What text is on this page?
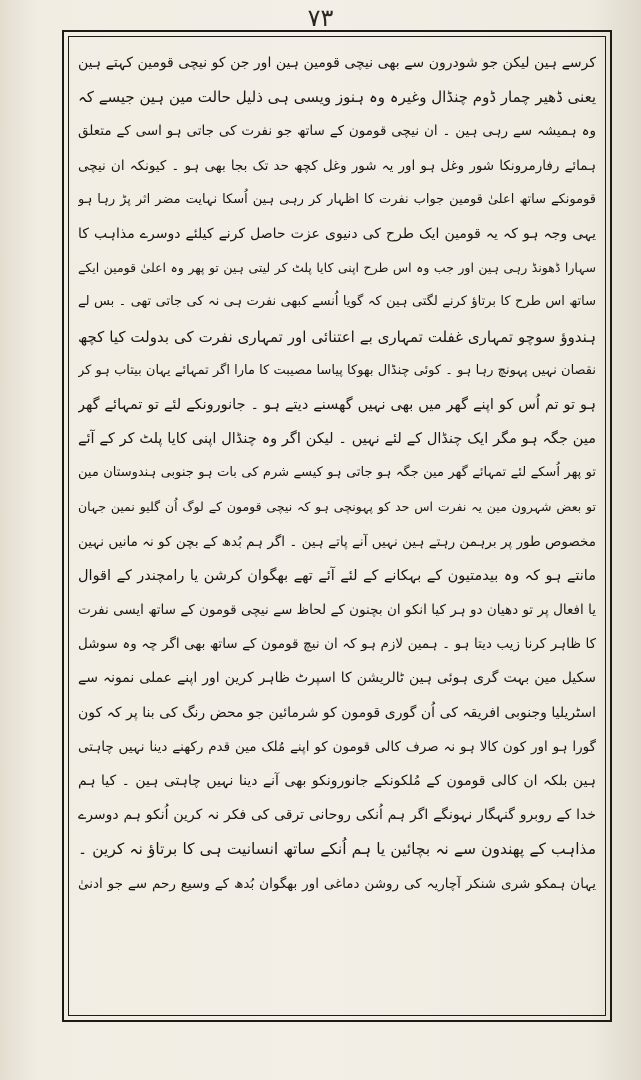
۷۳
کرسے ہین لیکن جو شودرون سے بھی نیچی قومین ہین اور جن کو نیچی قومین کہتے ہین
یعنی ڈھیر چمار ڈوم چنڈال وغیرہ وہ ہنوز ویسی ہی ذلیل حالت مین ہین جیسے کہ
وہ ہمیشہ سے رہی ہین ۔ ان نیچی قومون کے ساتھ جو نفرت کی جاتی ہو اسی کے متعلق
ہمائے رفارمرونکا شور وغل ہو اور یہ شور وغل کچھ حد تک بجا بھی ہو ۔ کیونکہ ان نیچی
قومونکے ساتھ اعلیٰ قومین جواب نفرت کا اظہار کر رہی ہین اُسکا نہایت مضر اثر پڑ رہا ہو
یہی وجہ ہو کہ یہ قومین ایک طرح کی دنیوی عزت حاصل کرنے کیلئے دوسرے مذاہب کا
سہارا ڈھونڈ رہی ہین اور جب وہ اس طرح اپنی کایا پلٹ کر لیتی ہین تو پھر وہ اعلیٰ قومین ایکے
ساتھ اس طرح کا برتاؤ کرنے لگتی ہین کہ گویا اُنسے کبھی نفرت ہی نہ کی جاتی تھی ۔ بس لے
ہندوؤ سوچو تمہاری غفلت تمہاری بے اعتنائی اور تمہاری نفرت کی بدولت کیا کچھ
نقصان نہیں پہونچ رہا ہو ۔ کوئی چنڈال بھوکا پیاسا مصیبت کا مارا اگر تمہائے یہان بیتاب ہو کر
ہو تو تم اُس کو اپنے گھر میں بھی نہیں گھسنے دیتے ہو ۔ جانورونکے لئے تو تمہائے گھر
مین جگہ ہو مگر ایک چنڈال کے لئے نہیں ۔ لیکن اگر وہ چنڈال اپنی کایا پلٹ کر کے آئے
تو پھر اُسکے لئے تمہائے گھر مین جگہ ہو جاتی ہو کیسے شرم کی بات ہو جنوبی ہندوستان مین
تو بعض شہرون مین یہ نفرت اس حد کو پہونچی ہو کہ نیچی قومون کے لوگ اُن گلیو نمین جہان
مخصوص طور پر برہمن رہتے ہین نہیں آنے پاتے ہین ۔ اگر ہم بُدھ کے بچن کو نہ مانیں نہین
مانتے ہو کہ وہ بیدمتیون کے بہکانے کے لئے آئے تھے بھگوان کرشن یا رامچندر کے اقوال
یا افعال پر تو دھیان دو ہر کیا انکو ان بچنون کے لحاظ سے نیچی قومون کے ساتھ ایسی نفرت
کا ظاہر کرنا زیب دیتا ہو ۔ ہمین لازم ہو کہ ان نیچ قومون کے ساتھ بھی اگر چہ وہ سوشل
سکیل مین بہت گری ہوئی ہین ٹالریشن کا اسپرٹ ظاہر کرین اور اپنے عملی نمونہ سے
اسٹریلیا وجنوبی افریقہ کی اُن گوری قومون کو شرمائین جو محض رنگ کی بنا پر کہ کون
گورا ہو اور کون کالا ہو نہ صرف کالی قومون کو اپنے مُلک مین قدم رکھنے دینا نہیں چاہتی
ہین بلکہ ان کالی قومون کے مُلکونکے جانورونکو بھی آنے دینا نہیں چاہتی ہین ۔ کیا ہم
خدا کے روبرو گنہگار نہونگے اگر ہم اُنکی روحانی ترقی کی فکر نہ کرین اُنکو ہم دوسرے
مذاہب کے پھندون سے نہ بچائین یا ہم اُنکے ساتھ انسانیت ہی کا برتاؤ نہ کرین ۔
یہان ہمکو شری شنکر آچاریہ کی روشن دماغی اور بھگوان بُدھ کے وسیع رحم سے جو ادنیٰ
